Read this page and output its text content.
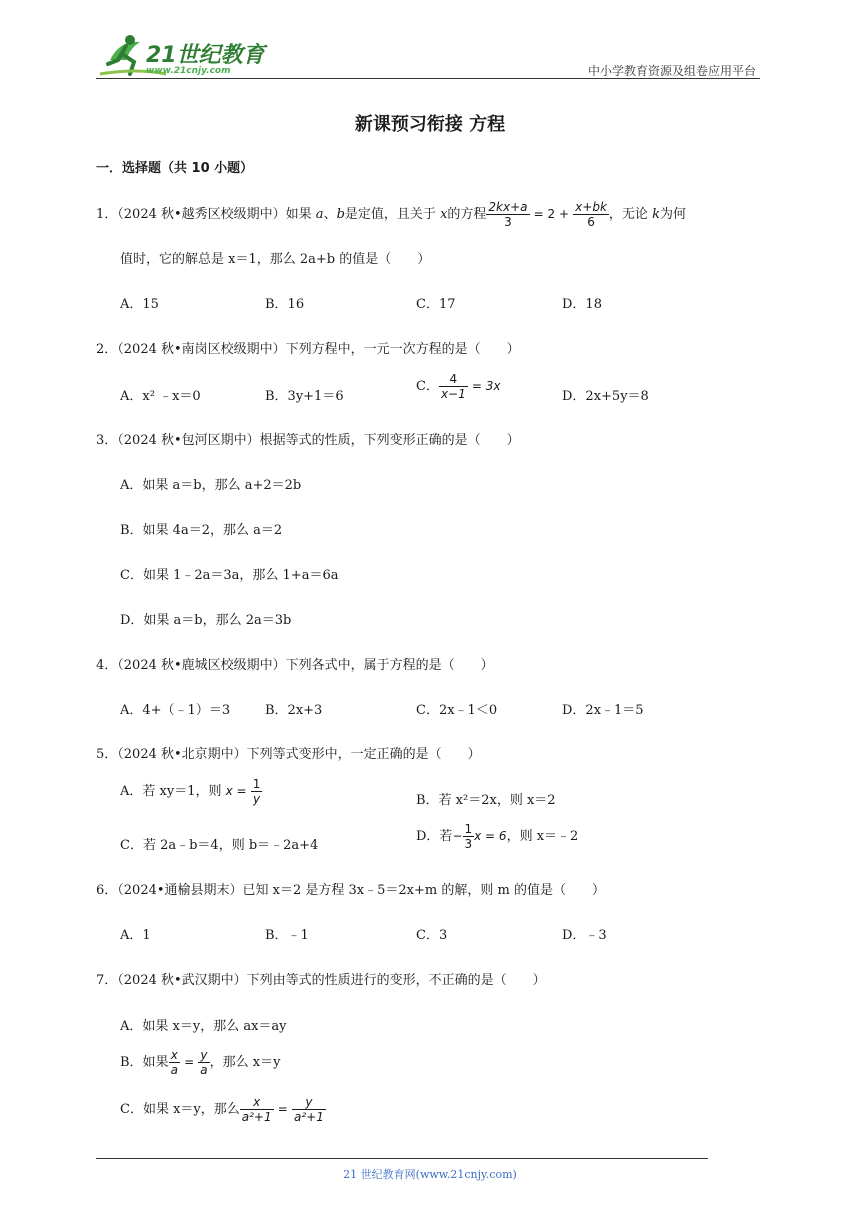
21世纪教育
www.21cnjy.com	中小学教育资源及组卷应用平台
新课预习衔接 方程
一．选择题（共 10 小题）
1．（2024 秋•越秀区校级期中）如果 a、b是定值，且关于 x的方程 $\frac{2kx+a}{3} = 2 + \frac{x+bk}{6}$ ，无论 k为何
值时，它的解总是 x＝1，那么 2a+b 的值是（　　）
A．15	B．16	C．17	D．18
2．（2024 秋•南岗区校级期中）下列方程中，一元一次方程的是（　　）
A．x² ﹣x＝0	B．3y+1＝6
C． $\frac{4}{x-1} = 3x$
D．2x+5y＝8
3．（2024 秋•包河区期中）根据等式的性质，下列变形正确的是（　　）
A．如果 a＝b，那么 a+2＝2b
B．如果 4a＝2，那么 a＝2
C．如果 1﹣2a＝3a，那么 1+a＝6a
D．如果 a＝b，那么 2a＝3b
4．（2024 秋•鹿城区校级期中）下列各式中，属于方程的是（　　）
A．4+（﹣1）＝3	B．2x+3	C．2x﹣1＜0	D．2x﹣1＝5
5．（2024 秋•北京期中）下列等式变形中，一定正确的是（　　）
A．若 xy＝1，则 $x = \frac{1}{y}$	B．若 x²＝2x，则 x＝2
C．若 2a﹣b＝4，则 b＝﹣2a+4
D．若− $\frac{1}{3}$ x = 6，则 x＝﹣2
6．（2024•通榆县期末）已知 x＝2 是方程 3x﹣5＝2x+m 的解，则 m 的值是（　　）
A．1	B．﹣1	C．3	D．﹣3
7．（2024 秋•武汉期中）下列由等式的性质进行的变形，不正确的是（　　）
A．如果 x＝y，那么 ax＝ay
B．如果 $\frac{x}{a} = \frac{y}{a}$ ，那么 x＝y
C．如果 x＝y，那么 $\frac{x}{\text{a²+1}} = \frac{y}{\text{a²+1}}$
21 世纪教育网(www.21cnjy.com)
